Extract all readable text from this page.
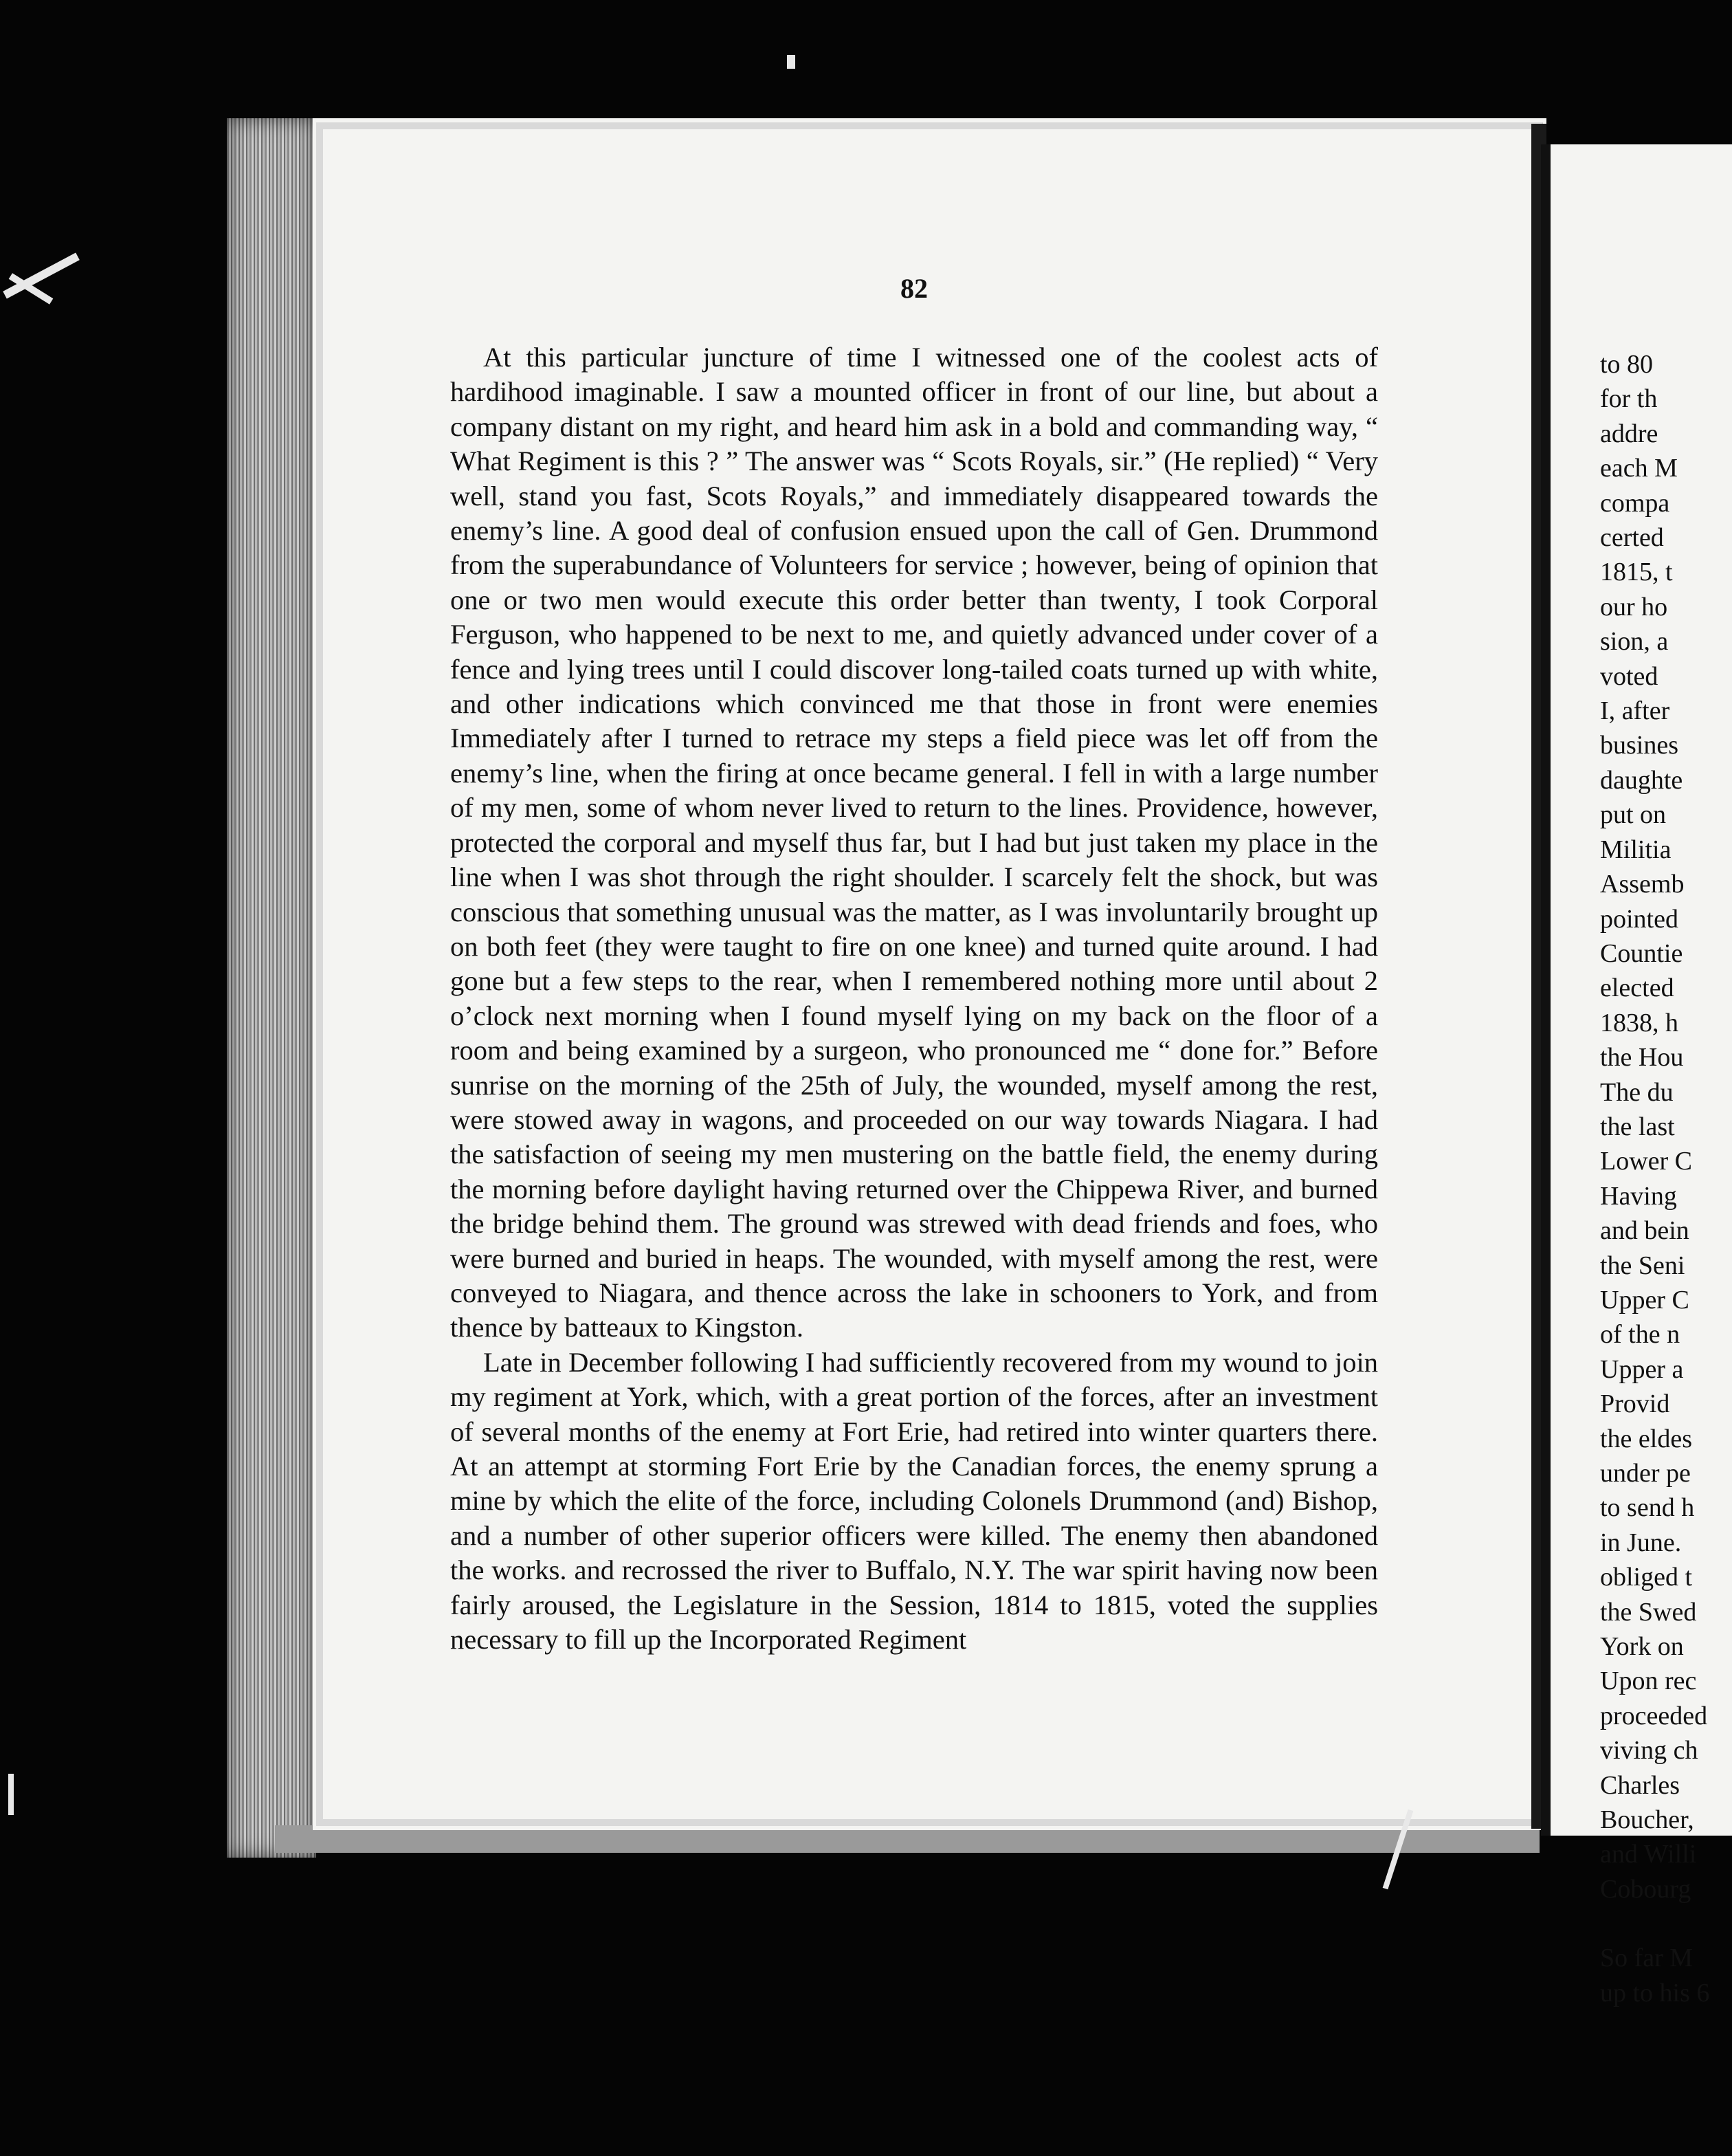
82

At this particular juncture of time I witnessed one of the coolest acts of hardihood imaginable. I saw a mounted officer in front of our line, but about a company distant on my right, and heard him ask in a bold and commanding way, “ What Regiment is this ? ” The answer was “ Scots Royals, sir.” (He replied) “ Very well, stand you fast, Scots Royals,” and immediately disappeared towards the enemy’s line. A good deal of confusion ensued upon the call of Gen. Drummond from the superabundance of Volunteers for service ; however, being of opinion that one or two men would execute this order better than twenty, I took Corporal Ferguson, who happened to be next to me, and quietly advanced under cover of a fence and lying trees until I could discover long-tailed coats turned up with white, and other indications which convinced me that those in front were enemies Immediately after I turned to retrace my steps a field piece was let off from the enemy’s line, when the firing at once became general. I fell in with a large number of my men, some of whom never lived to return to the lines. Providence, however, protected the corporal and myself thus far, but I had but just taken my place in the line when I was shot through the right shoulder. I scarcely felt the shock, but was conscious that something unusual was the matter, as I was involuntarily brought up on both feet (they were taught to fire on one knee) and turned quite around. I had gone but a few steps to the rear, when I remembered nothing more until about 2 o’clock next morning when I found myself lying on my back on the floor of a room and being examined by a surgeon, who pronounced me “ done for.” Before sunrise on the morning of the 25th of July, the wounded, myself among the rest, were stowed away in wagons, and proceeded on our way towards Niagara. I had the satisfaction of seeing my men mustering on the battle field, the enemy during the morning before daylight having returned over the Chippewa River, and burned the bridge behind them. The ground was strewed with dead friends and foes, who were burned and buried in heaps. The wounded, with myself among the rest, were conveyed to Niagara, and thence across the lake in schooners to York, and from thence by batteaux to Kingston.

Late in December following I had sufficiently recovered from my wound to join my regiment at York, which, with a great portion of the forces, after an investment of several months of the enemy at Fort Erie, had retired into winter quarters there. At an attempt at storming Fort Erie by the Canadian forces, the enemy sprung a mine by which the elite of the force, including Colonels Drummond (and) Bishop, and a number of other superior officers were killed. The enemy then abandoned the works. and recrossed the river to Buffalo, N.Y. The war spirit having now been fairly aroused, the Legislature in the Session, 1814 to 1815, voted the supplies necessary to fill up the Incorporated Regiment

to 80
for th
addre
each M
compa
certed
1815, t
our ho
sion, a
voted
I, after
busines
daughte
put on
Militia
Assemb
pointed
Countie
elected
1838, h
the Hou
The du
the last
Lower C
Having
and bein
the Seni
Upper C
of the n
Upper a
Provid
the eldes
under pe
to send h
in June.
obliged t
the Swed
York on
Upon rec
proceeded
viving ch
Charles
Boucher,
and Willi
Cobourg
So far M
up to his 6
